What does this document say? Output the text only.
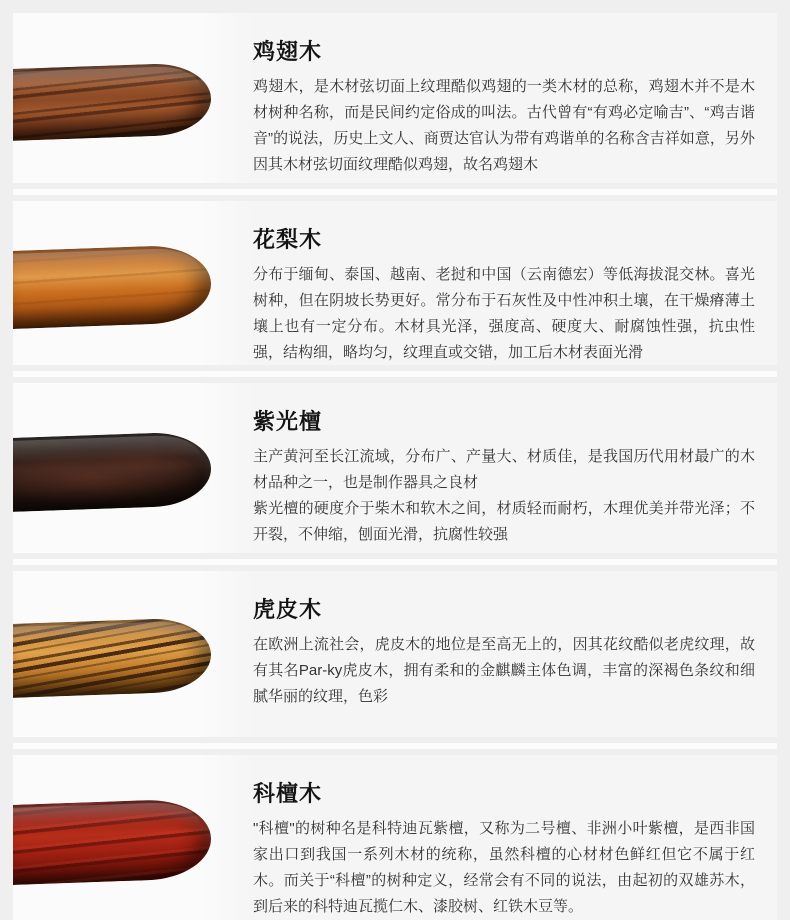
鸡翅木

鸡翅木，是木材弦切面上纹理酷似鸡翅的一类木材的总称，鸡翅木并不是木材树种名称，而是民间约定俗成的叫法。古代曾有“有鸡必定喻吉”、“鸡吉谐音”的说法，历史上文人、商贾达官认为带有鸡谐单的名称含吉祥如意，另外因其木材弦切面纹理酷似鸡翅，故名鸡翅木

花梨木

分布于缅甸、泰国、越南、老挝和中国（云南德宏）等低海拔混交林。喜光树种，但在阴坡长势更好。常分布于石灰性及中性冲积土壤，在干燥瘠薄土壤上也有一定分布。木材具光泽，强度高、硬度大、耐腐蚀性强，抗虫性强，结构细，略均匀，纹理直或交错，加工后木材表面光滑

紫光檀

主产黄河至长江流域，分布广、产量大、材质佳，是我国历代用材最广的木材品种之一，也是制作器具之良材

紫光檀的硬度介于柴木和软木之间，材质轻而耐朽，木理优美并带光泽；不开裂，不伸缩，刨面光滑，抗腐性较强

虎皮木

在欧洲上流社会，虎皮木的地位是至高无上的，因其花纹酷似老虎纹理，故有其名Par-ky虎皮木，拥有柔和的金麒麟主体色调，丰富的深褐色条纹和细腻华丽的纹理，色彩

科檀木

"科檀"的树种名是科特迪瓦紫檀，又称为二号檀、非洲小叶紫檀，是西非国家出口到我国一系列木材的统称，虽然科檀的心材材色鲜红但它不属于红木。而关于“科檀”的树种定义，经常会有不同的说法，由起初的双雄苏木，到后来的科特迪瓦揽仁木、漆胶树、红铁木豆等。
